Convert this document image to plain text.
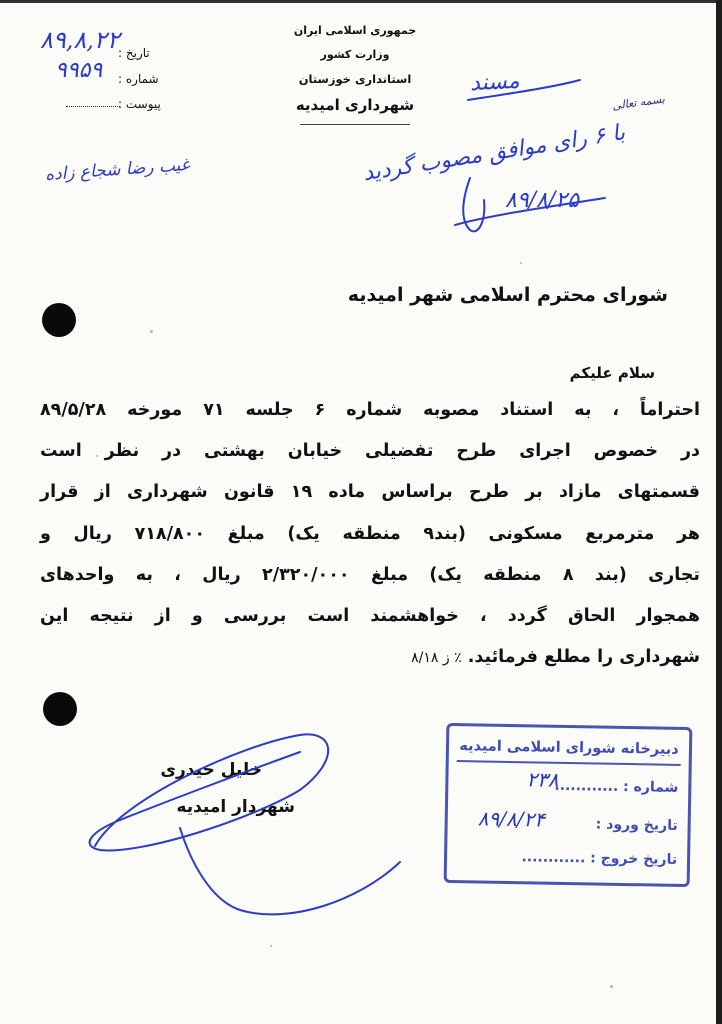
جمهوری اسلامی ایران
وزارت کشور
استانداری خوزستان
شهرداری امیدیه
تاریخ :
شماره :
پیوست :
۸۹,۸,۲۲
۹۹۵۹
غیب رضا شجاع زاده
مسند
بسمه تعالی
با ۶ رای موافق مصوب گردید
۸۹/۸/۲۵
شورای محترم اسلامی شهر امیدیه
سلام علیکم
احتراماً ، به استناد مصوبه شماره ۶ جلسه ۷۱ مورخه ۸۹/۵/۲۸
در خصوص اجرای طرح تفضیلی خیابان بهشتی در نظر است
قسمتهای مازاد بر طرح براساس ماده ۱۹ قانون شهرداری از قرار
هر مترمربع مسکونی (بند۹ منطقه یک) مبلغ ۷۱۸/۸۰۰ ریال و
تجاری (بند ۸ منطقه یک) مبلغ ۲/۳۲۰/۰۰۰ ریال ، به واحدهای
همجوار الحاق گردد ، خواهشمند است بررسی و از نتیجه این
شهرداری را مطلع فرمائید. ٪ ز ۸/۱۸
خلیل حیدری
شهردار امیدیه
دبیرخانه شورای اسلامی امیدیه
شماره : ............
۲۳۸
تاریخ ورود :
۸۹/۸/۲۴
تاریخ خروج : ............
